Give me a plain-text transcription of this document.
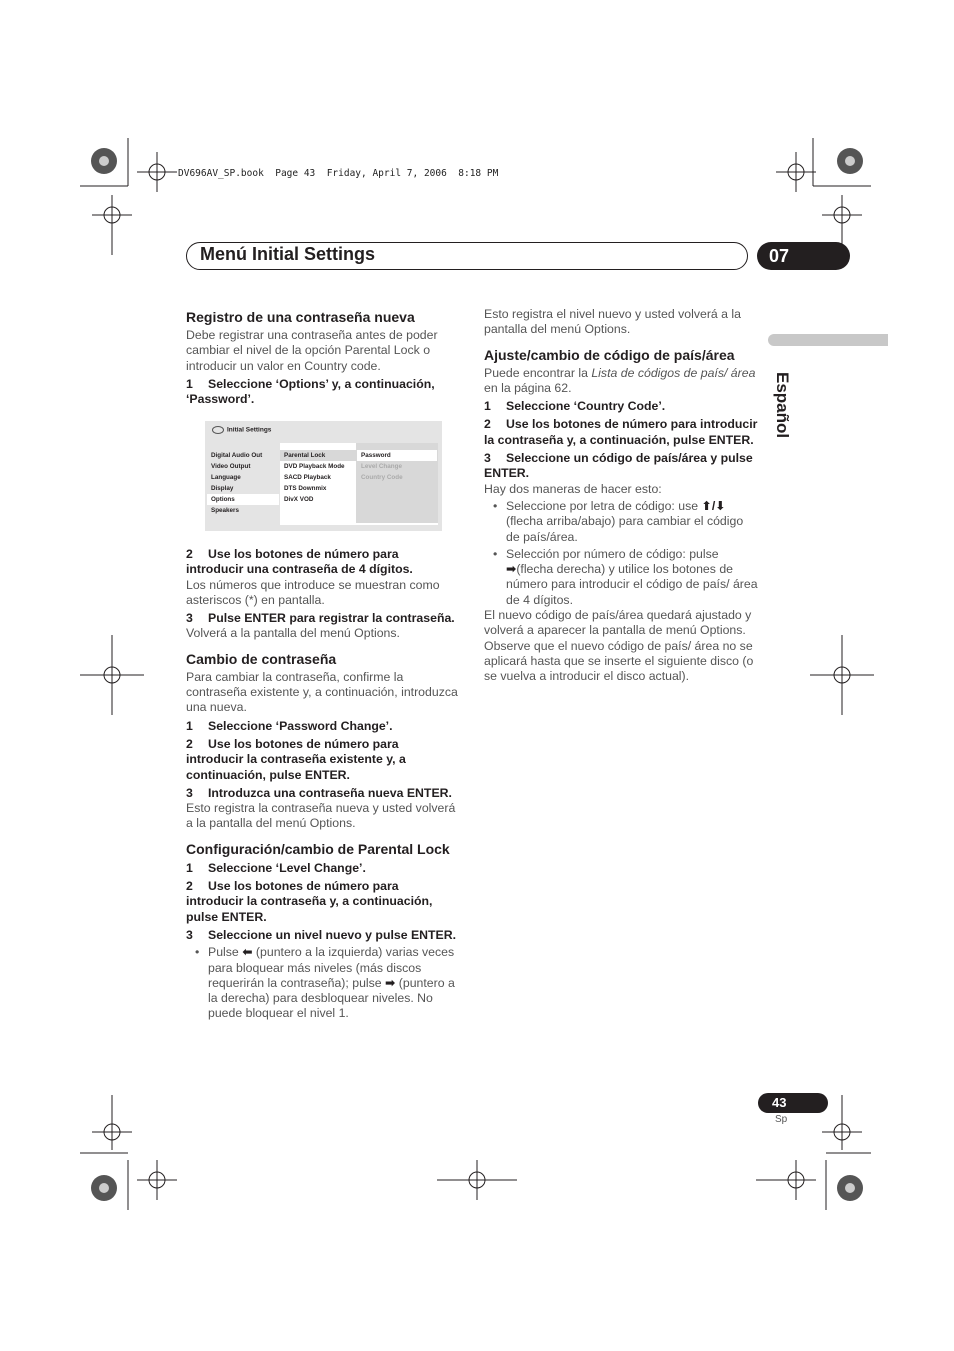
DV696AV_SP.book  Page 43  Friday, April 7, 2006  8:18 PM
Menú Initial Settings	07
Español
Registro de una contraseña nueva

Debe registrar una contraseña antes de poder cambiar el nivel de la opción Parental Lock o introducir un valor en Country code.

1 Seleccione ‘Options’ y, a continuación, ‘Password’.
Initial Settings
Digital Audio Out
Video Output
Language
Display
Options
Speakers
Parental Lock
DVD Playback Mode
SACD Playback
DTS Downmix
DivX VOD
Password
Level Change
Country Code
2 Use los botones de número para introducir una contraseña de 4 dígitos.

Los números que introduce se muestran como asteriscos (*) en pantalla.

3 Pulse ENTER para registrar la contraseña.

Volverá a la pantalla del menú Options.

Cambio de contraseña

Para cambiar la contraseña, confirme la contraseña existente y, a continuación, introduzca una nueva.

1 Seleccione ‘Password Change’.
2 Use los botones de número para introducir la contraseña existente y, a continuación, pulse ENTER.
3 Introduzca una contraseña nueva ENTER.

Esto registra la contraseña nueva y usted volverá a la pantalla del menú Options.

Configuración/cambio de Parental Lock
1 Seleccione ‘Level Change’.
2 Use los botones de número para introducir la contraseña y, a continuación, pulse ENTER.
3 Seleccione un nivel nuevo y pulse ENTER.
• Pulse ⬅ (puntero a la izquierda) varias veces para bloquear más niveles (más discos requerirán la contraseña); pulse ➡ (puntero a la derecha) para desbloquear niveles. No puede bloquear el nivel 1.

Esto registra el nivel nuevo y usted volverá a la pantalla del menú Options.

Ajuste/cambio de código de país/área

Puede encontrar la Lista de códigos de país/ área en la página 62.

1 Seleccione ‘Country Code’.
2 Use los botones de número para introducir la contraseña y, a continuación, pulse ENTER.
3 Seleccione un código de país/área y pulse ENTER.

Hay dos maneras de hacer esto:

• Seleccione por letra de código: use ⬆/⬇ (flecha arriba/abajo) para cambiar el código de país/área.
• Selección por número de código: pulse ➡(flecha derecha) y utilice los botones de número para introducir el código de país/ área de 4 dígitos.

El nuevo código de país/área quedará ajustado y volverá a aparecer la pantalla de menú Options. Observe que el nuevo código de país/ área no se aplicará hasta que se inserte el siguiente disco (o se vuelva a introducir el disco actual).

43
Sp
